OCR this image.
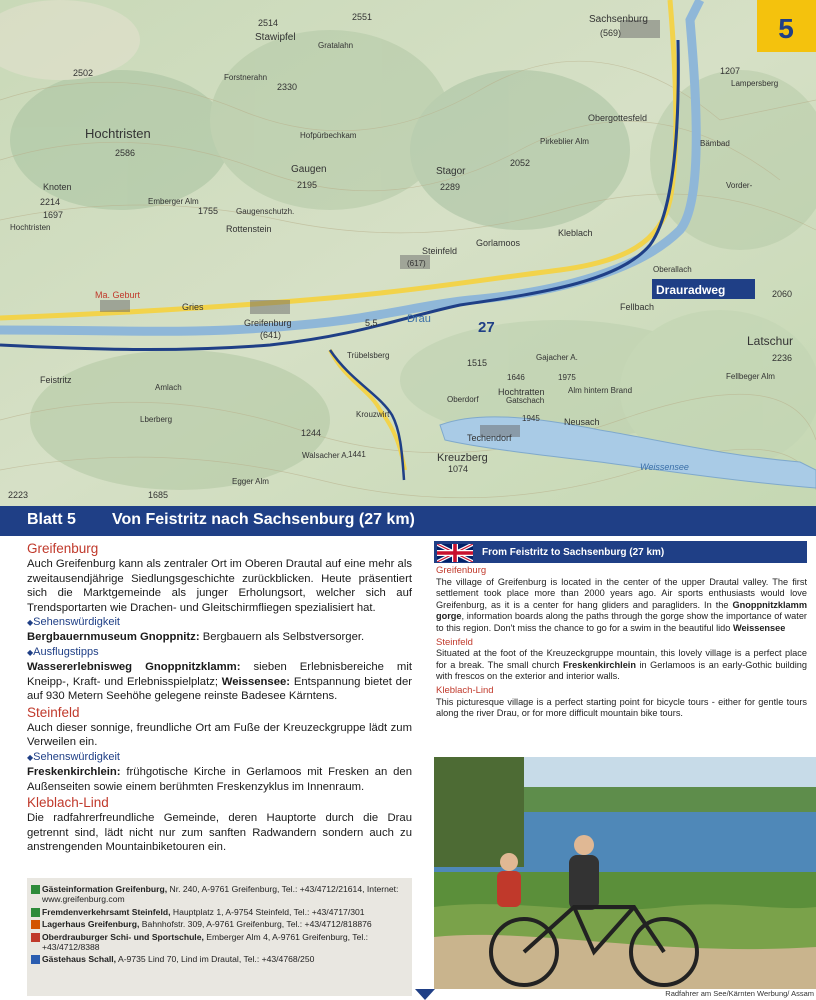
5
2514
Stawipfel
2551
Gratalahn
2502	Forstnerahn
2330
Hochtristen
2586
Gaugen
2195
Knoten
2214
1697
Emberger Alm
1755 Gaugenschutzh.
Rottenstein
Stagor
2289
2052
Sachsenburg
(569)
1207
Lampersberg
Obergottesfeld
Steinfeld
(617)
Gorlamoos
Kleblach
Greifenburg
(641)
Gries
Oberallach
Drauradweg
27
Fellbach
2060
Latschur
2236
Feistritz
Amlach
Lberberg
Trübelsberg
1515
Gajacher A.
1646	1975
Hochtratten	Alm hintern Brand
Oberdorf	Gatschach
1945	Neusach
Techendorf
Kreuzberg
1074
1244
Krouzwirt
Walsacher A. 1441
Egger Alm
2223	1685
Weissensee
5,5	Drau
Ma. Geburt
Fellbeger Alm
Pirkeblier Alm	Bämbad
Vorder-
Hofpürbechkam
Hochtristen
Blatt 5 Von Feistritz nach Sachsenburg (27 km)
Greifenburg

Auch Greifenburg kann als zentraler Ort im Oberen Drautal auf eine mehr als zweitausendjährige Siedlungsgeschichte zurückblicken. Heute präsentiert sich die Marktgemeinde als junger Erholungsort, welcher sich auf Trendsportarten wie Drachen- und Gleitschirmfliegen spezialisiert hat.

◆ Sehenswürdigkeit

Bergbauernmuseum Gnoppnitz: Bergbauern als Selbstversorger.

◆ Ausflugstipps

Wassererlebnisweg Gnoppnitzklamm: sieben Erlebnisbereiche mit Kneipp-, Kraft- und Erlebnisspielplatz; Weissensee: Entspannung bietet der auf 930 Metern Seehöhe gelegene reinste Badesee Kärntens.

Steinfeld

Auch dieser sonnige, freundliche Ort am Fuße der Kreuzeckgruppe lädt zum Verweilen ein.

◆ Sehenswürdigkeit

Freskenkirchlein: frühgotische Kirche in Gerlamoos mit Fresken an den Außenseiten sowie einem berühmten Freskenzyklus im Innenraum.

Kleblach-Lind

Die radfahrerfreundliche Gemeinde, deren Hauptorte durch die Drau getrennt sind, lädt nicht nur zum sanften Radwandern sondern auch zu anstrengenden Mountainbiketouren ein.

Gästeinformation Greifenburg, Nr. 240, A-9761 Greifenburg, Tel.: +43/4712/21614, Internet: www.greifenburg.com
Fremdenverkehrsamt Steinfeld, Hauptplatz 1, A-9754 Steinfeld, Tel.: +43/4717/301
Lagerhaus Greifenburg, Bahnhofstr. 309, A-9761 Greifenburg, Tel.: +43/4712/818876
Oberdrauburger Schi- und Sportschule, Emberger Alm 4, A-9761 Greifenburg, Tel.: +43/4712/8388
Gästehaus Schall, A-9735 Lind 70, Lind im Drautal, Tel.: +43/4768/250
From Feistritz to Sachsenburg (27 km)
Greifenburg

The village of Greifenburg is located in the center of the upper Drautal valley. The first settlement took place more than 2000 years ago. Air sports enthusiasts would love Greifenburg, as it is a center for hang gliders and paragliders. In the Gnoppnitzklamm gorge, information boards along the paths through the gorge show the importance of water to this region. Don't miss the chance to go for a swim in the beautiful lido Weissensee

Steinfeld

Situated at the foot of the Kreuzeckgruppe mountain, this lovely village is a perfect place for a break. The small church Freskenkirchlein in Gerlamoos is an early-Gothic building with frescos on the exterior and interior walls.

Kleblach-Lind

This picturesque village is a perfect starting point for bicycle tours - either for gentle tours along the river Drau, or for more difficult mountain bike tours.

Radfahrer am See/Kärnten Werbung/ Assam
